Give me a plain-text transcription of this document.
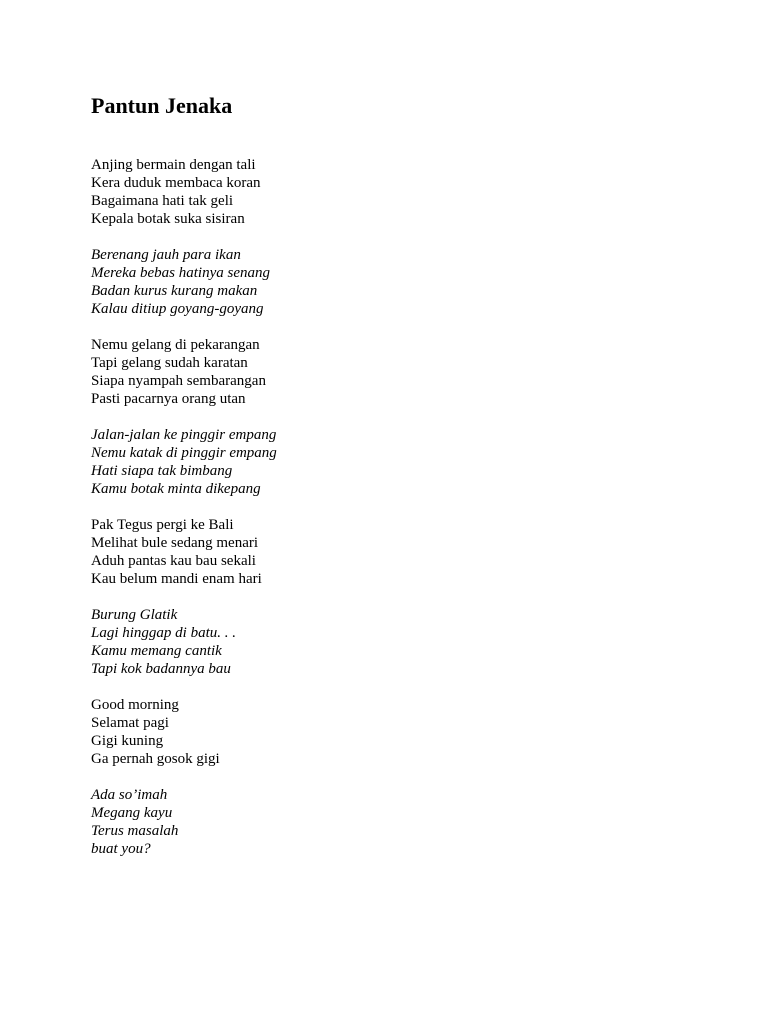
Pantun Jenaka
Anjing bermain dengan tali
Kera duduk membaca koran
Bagaimana hati tak geli
Kepala botak suka sisiran
Berenang jauh para ikan
Mereka bebas hatinya senang
Badan kurus kurang makan
Kalau ditiup goyang-goyang
Nemu gelang di pekarangan
Tapi gelang sudah karatan
Siapa nyampah sembarangan
Pasti pacarnya orang utan
Jalan-jalan ke pinggir empang
Nemu katak di pinggir empang
Hati siapa tak bimbang
Kamu botak minta dikepang
Pak Tegus pergi ke Bali
Melihat bule sedang menari
Aduh pantas kau bau sekali
Kau belum mandi enam hari
Burung Glatik
Lagi hinggap di batu. . .
Kamu memang cantik
Tapi kok badannya bau
Good morning
Selamat pagi
Gigi kuning
Ga pernah gosok gigi
Ada so’imah
Megang kayu
Terus masalah
buat you?
